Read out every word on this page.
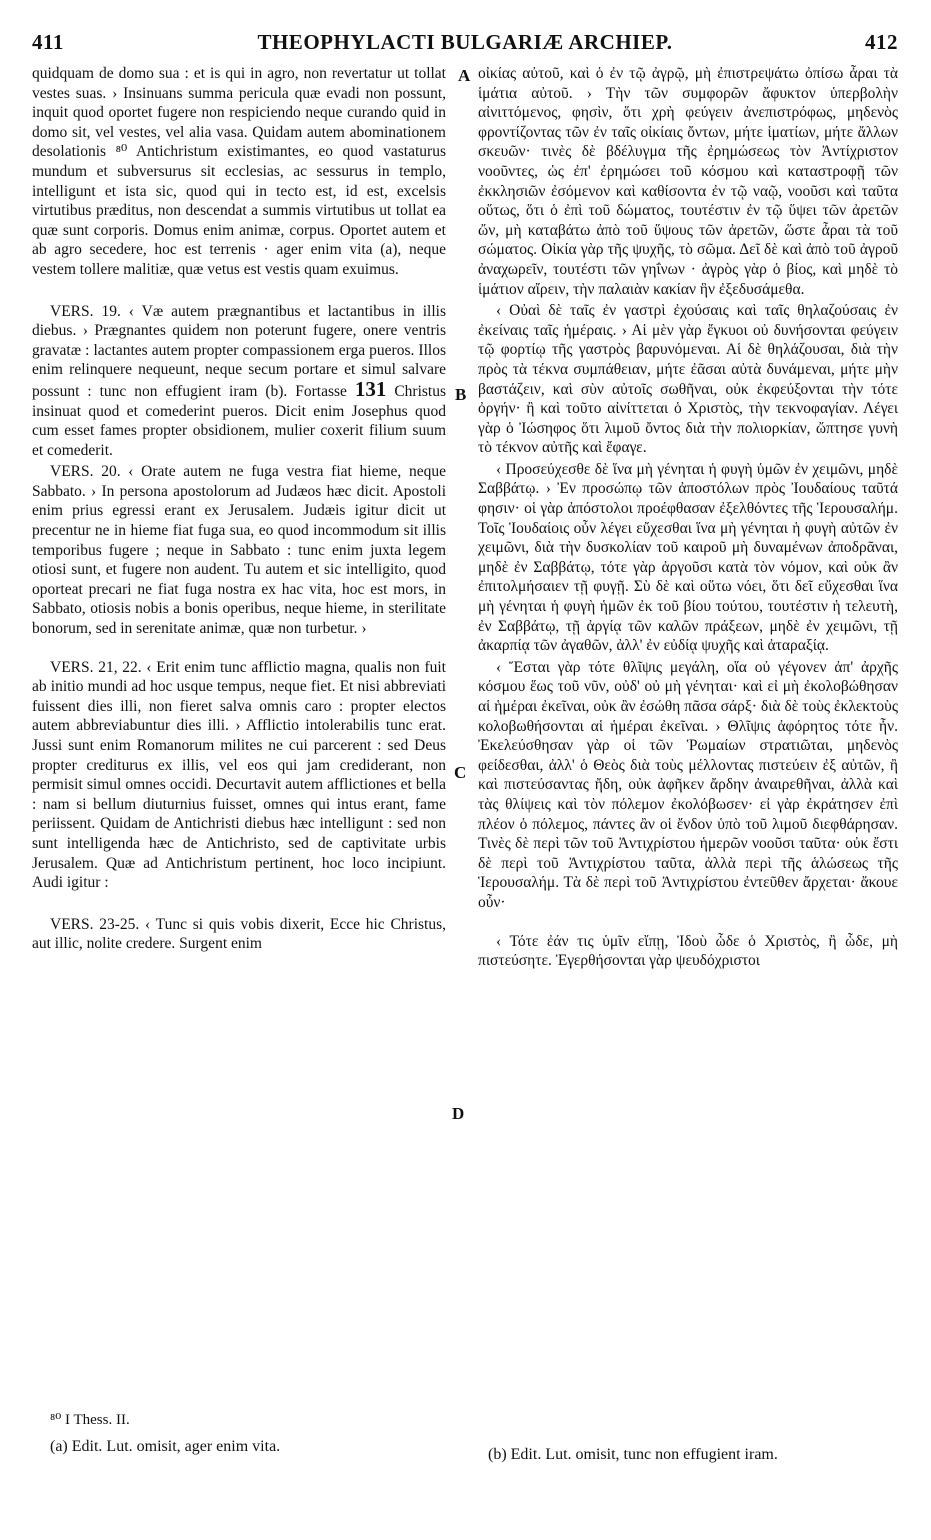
411	THEOPHYLACTI BULGARIÆ ARCHIEP.	412

quidquam de domo sua : et is qui in agro, non revertatur ut tollat vestes suas. › Insinuans summa pericula quæ evadi non possunt, inquit quod oportet fugere non respiciendo neque curando quid in domo sit, vel vestes, vel alia vasa. Quidam autem abominationem desolationis ⁸⁰ Antichristum existimantes, eo quod vastaturus mundum et subversurus sit ecclesias, ac sessurus in templo, intelligunt et ista sic, quod qui in tecto est, id est, excelsis virtutibus præditus, non descendat a summis virtutibus ut tollat ea quæ sunt corporis. Domus enim animæ, corpus. Oportet autem et ab agro secedere, hoc est terrenis · ager enim vita (a), neque vestem tollere malitiæ, quæ vetus est vestis quam exuimus.

VERS. 19. ‹ Væ autem prægnantibus et lactantibus in illis diebus. › Prægnantes quidem non poterunt fugere, onere ventris gravatæ : lactantes autem propter compassionem erga pueros. Illos enim relinquere nequeunt, neque secum portare et simul salvare possunt : tunc non effugient iram (b). Fortasse 131 Christus insinuat quod et comederint pueros. Dicit enim Josephus quod cum esset fames propter obsidionem, mulier coxerit filium suum et comederit.

VERS. 20. ‹ Orate autem ne fuga vestra fiat hieme, neque Sabbato. › In persona apostolorum ad Judæos hæc dicit. Apostoli enim prius egressi erant ex Jerusalem. Judæis igitur dicit ut precentur ne in hieme fiat fuga sua, eo quod incommodum sit illis temporibus fugere ; neque in Sabbato : tunc enim juxta legem otiosi sunt, et fugere non audent. Tu autem et sic intelligito, quod oporteat precari ne fiat fuga nostra ex hac vita, hoc est mors, in Sabbato, otiosis nobis a bonis operibus, neque hieme, in sterilitate bonorum, sed in serenitate animæ, quæ non turbetur. ›

VERS. 21, 22. ‹ Erit enim tunc afflictio magna, qualis non fuit ab initio mundi ad hoc usque tempus, neque fiet. Et nisi abbreviati fuissent dies illi, non fieret salva omnis caro : propter electos autem abbreviabuntur dies illi. › Afflictio intolerabilis tunc erat. Jussi sunt enim Romanorum milites ne cui parcerent : sed Deus propter crediturus ex illis, vel eos qui jam crediderant, non permisit simul omnes occidi. Decurtavit autem afflictiones et bella : nam si bellum diuturnius fuisset, omnes qui intus erant, fame periissent. Quidam de Antichristi diebus hæc intelligunt : sed non sunt intelligenda hæc de Antichristo, sed de captivitate urbis Jerusalem. Quæ ad Antichristum pertinent, hoc loco incipiunt. Audi igitur :

VERS. 23-25. ‹ Tunc si quis vobis dixerit, Ecce hic Christus, aut illic, nolite credere. Surgent enim

οἰκίας αὐτοῦ, καὶ ὁ ἐν τῷ ἀγρῷ, μὴ ἐπιστρεψάτω ὀπίσω ἆραι τὰ ἱμάτια αὐτοῦ. › Τὴν τῶν συμφορῶν ἄφυκτον ὑπερβολὴν αἰνιττόμενος, φησὶν, ὅτι χρὴ φεύγειν ἀνεπιστρόφως, μηδενὸς φροντίζοντας τῶν ἐν ταῖς οἰκίαις ὄντων, μήτε ἱματίων, μήτε ἄλλων σκευῶν· τινὲς δὲ βδέλυγμα τῆς ἐρημώσεως τὸν Ἀντίχριστον νοοῦντες, ὡς ἐπ' ἐρημώσει τοῦ κόσμου καὶ καταστροφῇ τῶν ἐκκλησιῶν ἐσόμενον καὶ καθίσοντα ἐν τῷ ναῷ, νοοῦσι καὶ ταῦτα οὕτως, ὅτι ὁ ἐπὶ τοῦ δώματος, τουτέστιν ἐν τῷ ὕψει τῶν ἀρετῶν ὤν, μὴ καταβάτω ἀπὸ τοῦ ὕψους τῶν ἀρετῶν, ὥστε ἆραι τὰ τοῦ σώματος. Οἰκία γὰρ τῆς ψυχῆς, τὸ σῶμα. Δεῖ δὲ καὶ ἀπὸ τοῦ ἀγροῦ ἀναχωρεῖν, τουτέστι τῶν γηΐνων · ἀγρὸς γὰρ ὁ βίος, καὶ μηδὲ τὸ ἱμάτιον αἴρειν, τὴν παλαιὰν κακίαν ἣν ἐξεδυσάμεθα.

‹ Οὐαὶ δὲ ταῖς ἐν γαστρὶ ἐχούσαις καὶ ταῖς θηλαζούσαις ἐν ἐκείναις ταῖς ἡμέραις. › Αἱ μὲν γὰρ ἔγκυοι οὐ δυνήσονται φεύγειν τῷ φορτίῳ τῆς γαστρὸς βαρυνόμεναι. Αἱ δὲ θηλάζουσαι, διὰ τὴν πρὸς τὰ τέκνα συμπάθειαν, μήτε ἐᾶσαι αὐτὰ δυνάμεναι, μήτε μὴν βαστάζειν, καὶ σὺν αὐτοῖς σωθῆναι, οὐκ ἐκφεύξονται τὴν τότε ὀργήν· ἢ καὶ τοῦτο αἰνίττεται ὁ Χριστὸς, τὴν τεκνοφαγίαν. Λέγει γὰρ ὁ Ἰώσηφος ὅτι λιμοῦ ὄντος διὰ τὴν πολιορκίαν, ὤπτησε γυνὴ τὸ τέκνον αὐτῆς καὶ ἔφαγε.

‹ Προσεύχεσθε δὲ ἵνα μὴ γένηται ἡ φυγὴ ὑμῶν ἐν χειμῶνι, μηδὲ Σαββάτῳ. › Ἐν προσώπῳ τῶν ἀποστόλων πρὸς Ἰουδαίους ταῦτά φησιν· οἱ γὰρ ἀπόστολοι προέφθασαν ἐξελθόντες τῆς Ἱερουσαλήμ. Τοῖς Ἰουδαίοις οὖν λέγει εὔχεσθαι ἵνα μὴ γένηται ἡ φυγὴ αὐτῶν ἐν χειμῶνι, διὰ τὴν δυσκολίαν τοῦ καιροῦ μὴ δυναμένων ἀποδρᾶναι, μηδὲ ἐν Σαββάτῳ, τότε γὰρ ἀργοῦσι κατὰ τὸν νόμον, καὶ οὐκ ἂν ἐπιτολμήσαιεν τῇ φυγῇ. Σὺ δὲ καὶ οὕτω νόει, ὅτι δεῖ εὔχεσθαι ἵνα μὴ γένηται ἡ φυγὴ ἡμῶν ἐκ τοῦ βίου τούτου, τουτέστιν ἡ τελευτὴ, ἐν Σαββάτῳ, τῇ ἀργίᾳ τῶν καλῶν πράξεων, μηδὲ ἐν χειμῶνι, τῇ ἀκαρπίᾳ τῶν ἀγαθῶν, ἀλλ' ἐν εὐδίᾳ ψυχῆς καὶ ἀταραξίᾳ.

‹ Ἔσται γὰρ τότε θλῖψις μεγάλη, οἵα οὐ γέγονεν ἀπ' ἀρχῆς κόσμου ἕως τοῦ νῦν, οὐδ' οὐ μὴ γένηται· καὶ εἰ μὴ ἐκολοβώθησαν αἱ ἡμέραι ἐκεῖναι, οὐκ ἂν ἐσώθη πᾶσα σάρξ· διὰ δὲ τοὺς ἐκλεκτοὺς κολοβωθήσονται αἱ ἡμέραι ἐκεῖναι. › Θλῖψις ἀφόρητος τότε ἦν. Ἐκελεύσθησαν γὰρ οἱ τῶν Ῥωμαίων στρατιῶται, μηδενὸς φείδεσθαι, ἀλλ' ὁ Θεὸς διὰ τοὺς μέλλοντας πιστεύειν ἐξ αὐτῶν, ἢ καὶ πιστεύσαντας ἤδη, οὐκ ἀφῆκεν ἄρδην ἀναιρεθῆναι, ἀλλὰ καὶ τὰς θλίψεις καὶ τὸν πόλεμον ἐκολόβωσεν· εἰ γὰρ ἐκράτησεν ἐπὶ πλέον ὁ πόλεμος, πάντες ἂν οἱ ἔνδον ὑπὸ τοῦ λιμοῦ διεφθάρησαν. Τινὲς δὲ περὶ τῶν τοῦ Ἀντιχρίστου ἡμερῶν νοοῦσι ταῦτα· οὐκ ἔστι δὲ περὶ τοῦ Ἀντιχρίστου ταῦτα, ἀλλὰ περὶ τῆς ἁλώσεως τῆς Ἱερουσαλήμ. Τὰ δὲ περὶ τοῦ Ἀντιχρίστου ἐντεῦθεν ἄρχεται· ἄκουε οὖν·

‹ Τότε ἐάν τις ὑμῖν εἴπῃ, Ἰδοὺ ὧδε ὁ Χριστὸς, ἢ ὧδε, μὴ πιστεύσητε. Ἐγερθήσονται γὰρ ψευδόχριστοι

A
B
C
D
⁸⁰ I Thess. II.
(a) Edit. Lut. omisit, ager enim vita.	(b) Edit. Lut. omisit, tunc non effugient iram.
